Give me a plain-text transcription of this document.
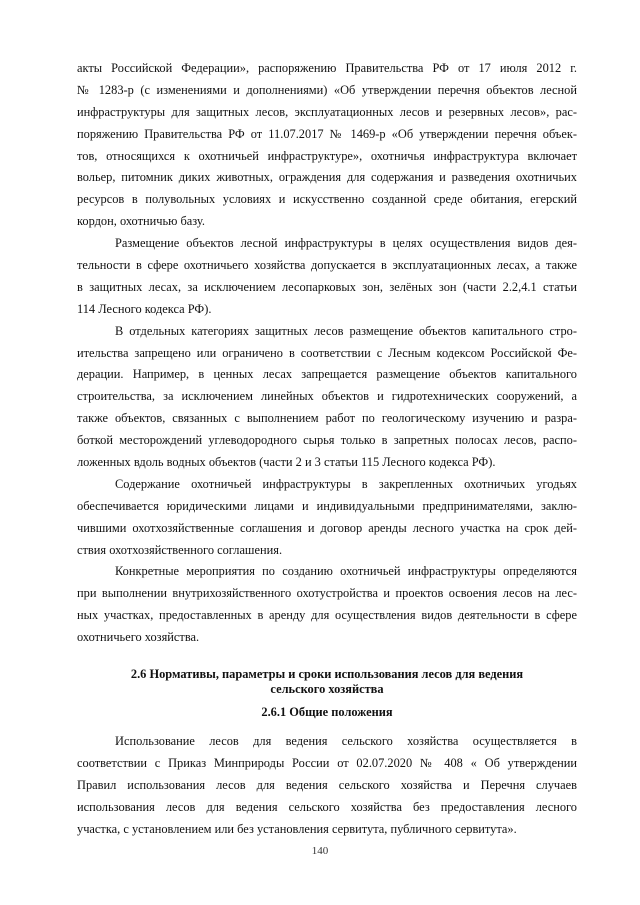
акты Российской Федерации», распоряжению Правительства РФ от 17 июля 2012 г.
№ 1283-р (с изменениями и дополнениями) «Об утверждении перечня объектов лесной
инфраструктуры для защитных лесов, эксплуатационных лесов и резервных лесов», рас-
поряжению Правительства РФ от 11.07.2017 № 1469-р «Об утверждении перечня объек-
тов, относящихся к охотничьей инфраструктуре», охотничья инфраструктура включает
вольер, питомник диких животных, ограждения для содержания и разведения охотничьих
ресурсов в полувольных условиях и искусственно созданной среде обитания, егерский
кордон, охотничью базу.

Размещение объектов лесной инфраструктуры в целях осуществления видов дея-
тельности в сфере охотничьего хозяйства допускается в эксплуатационных лесах, а также
в защитных лесах, за исключением лесопарковых зон, зелёных зон (части 2.2,4.1 статьи
114 Лесного кодекса РФ).

В отдельных категориях защитных лесов размещение объектов капитального стро-
ительства запрещено или ограничено в соответствии с Лесным кодексом Российской Фе-
дерации. Например, в ценных лесах запрещается размещение объектов капитального
строительства, за исключением линейных объектов и гидротехнических сооружений, а
также объектов, связанных с выполнением работ по геологическому изучению и разра-
боткой месторождений углеводородного сырья только в запретных полосах лесов, распо-
ложенных вдоль водных объектов (части 2 и 3 статьи 115 Лесного кодекса РФ).

Содержание охотничьей инфраструктуры в закрепленных охотничьих угодьях
обеспечивается юридическими лицами и индивидуальными предпринимателями, заклю-
чившими охотхозяйственные соглашения и договор аренды лесного участка на срок дей-
ствия охотхозяйственного соглашения.

Конкретные мероприятия по созданию охотничьей инфраструктуры определяются
при выполнении внутрихозяйственного охотустройства и проектов освоения лесов на лес-
ных участках, предоставленных в аренду для осуществления видов деятельности в сфере
охотничьего хозяйства.

2.6 Нормативы, параметры и сроки использования лесов для ведения
сельского хозяйства
2.6.1 Общие положения

Использование лесов для ведения сельского хозяйства осуществляется в
соответствии с Приказ Минприроды России от 02.07.2020 № 408 « Об утверждении
Правил использования лесов для ведения сельского хозяйства и Перечня случаев
использования лесов для ведения сельского хозяйства без предоставления лесного
участка, с установлением или без установления сервитута, публичного сервитута».

140
